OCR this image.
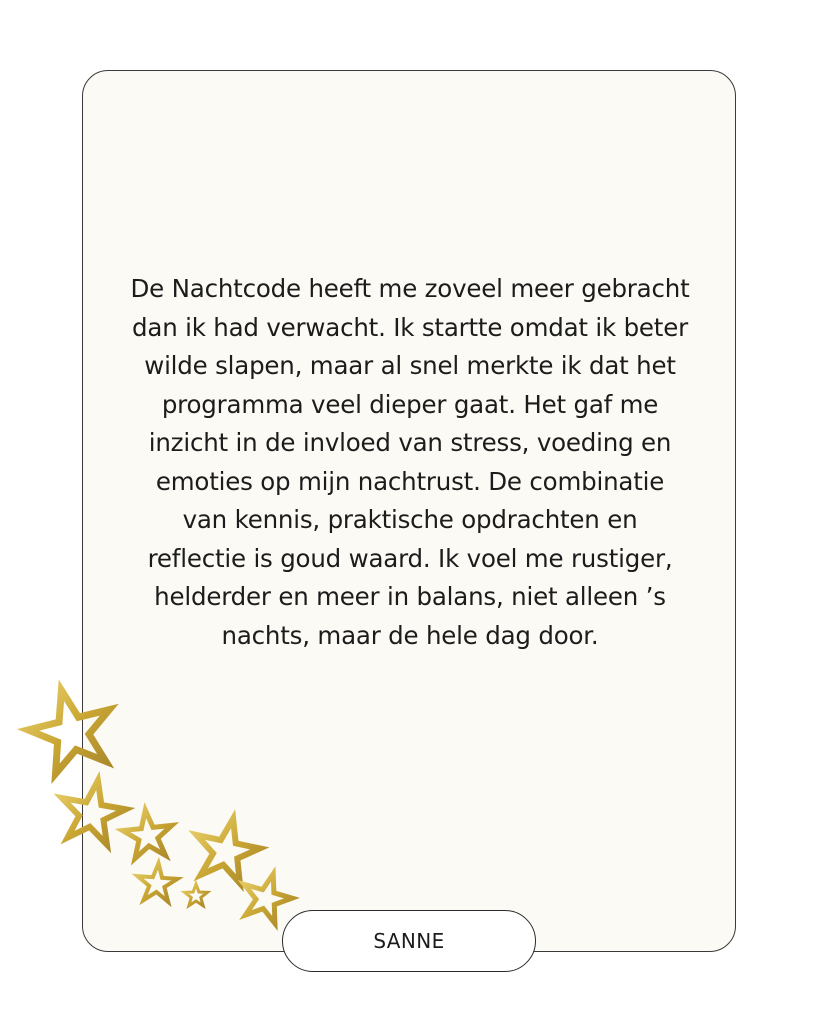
De Nachtcode heeft me zoveel meer gebracht dan ik had verwacht. Ik startte omdat ik beter wilde slapen, maar al snel merkte ik dat het programma veel dieper gaat. Het gaf me inzicht in de invloed van stress, voeding en emoties op mijn nachtrust. De combinatie van kennis, praktische opdrachten en reflectie is goud waard. Ik voel me rustiger, helderder en meer in balans, niet alleen ’s nachts, maar de hele dag door.

SANNE
